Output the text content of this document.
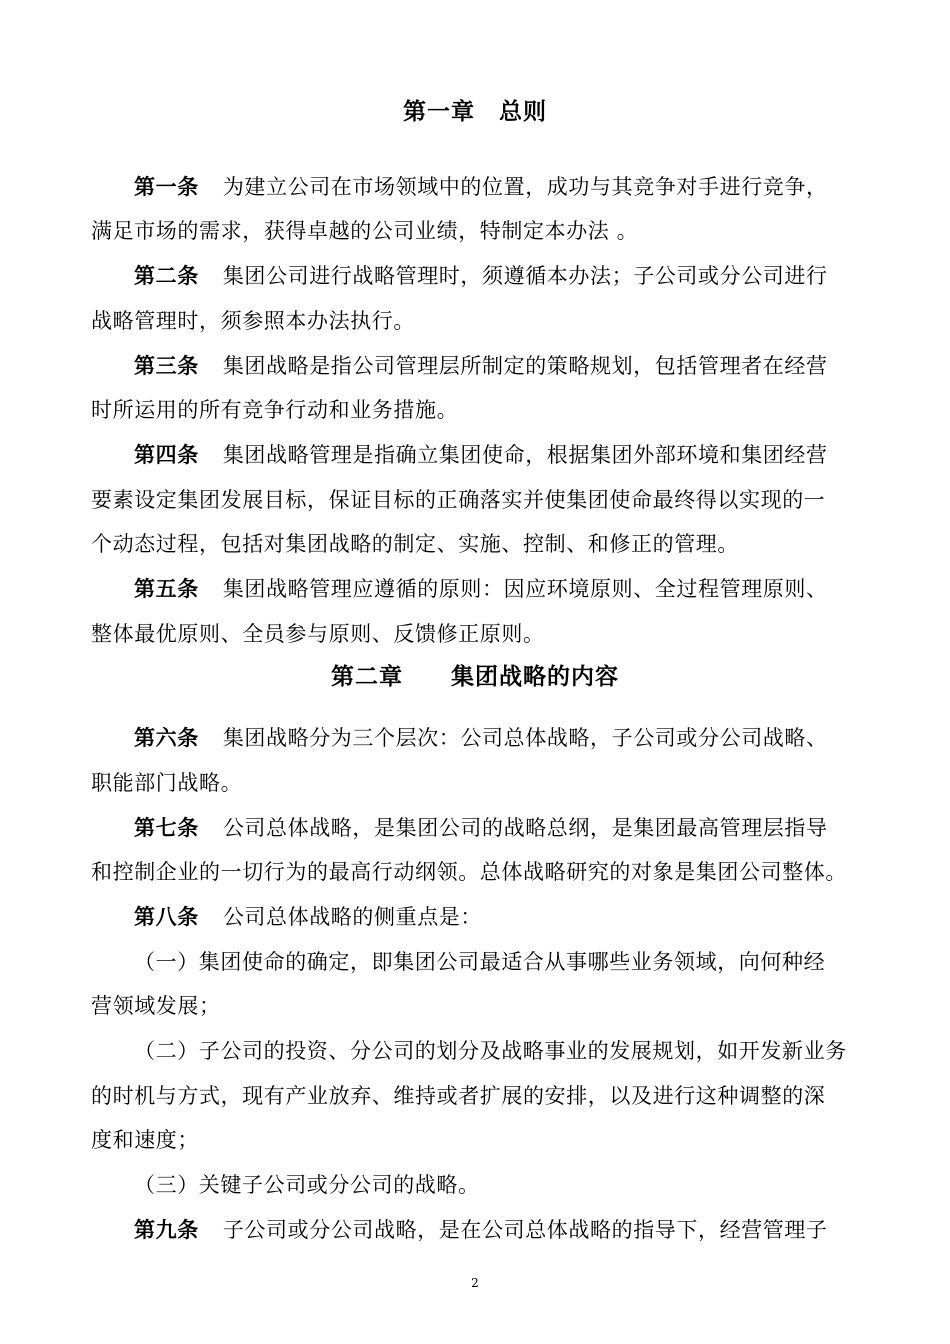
第一章　总则
第一条 为建立公司在市场领域中的位置，成功与其竞争对手进行竞争，
满足市场的需求，获得卓越的公司业绩，特制定本办法 。
第二条 集团公司进行战略管理时，须遵循本办法；子公司或分公司进行
战略管理时，须参照本办法执行。
第三条 集团战略是指公司管理层所制定的策略规划，包括管理者在经营
时所运用的所有竞争行动和业务措施。
第四条 集团战略管理是指确立集团使命，根据集团外部环境和集团经营
要素设定集团发展目标，保证目标的正确落实并使集团使命最终得以实现的一
个动态过程，包括对集团战略的制定、实施、控制、和修正的管理。
第五条 集团战略管理应遵循的原则：因应环境原则、全过程管理原则、
整体最优原则、全员参与原则、反馈修正原则。
第二章　　集团战略的内容
第六条 集团战略分为三个层次：公司总体战略，子公司或分公司战略、
职能部门战略。
第七条 公司总体战略，是集团公司的战略总纲，是集团最高管理层指导
和控制企业的一切行为的最高行动纲领。总体战略研究的对象是集团公司整体。
第八条 公司总体战略的侧重点是：
（一）集团使命的确定，即集团公司最适合从事哪些业务领域，向何种经
营领域发展；
（二）子公司的投资、分公司的划分及战略事业的发展规划，如开发新业务
的时机与方式，现有产业放弃、维持或者扩展的安排，以及进行这种调整的深
度和速度；
（三）关键子公司或分公司的战略。
第九条 子公司或分公司战略，是在公司总体战略的指导下，经营管理子
2
